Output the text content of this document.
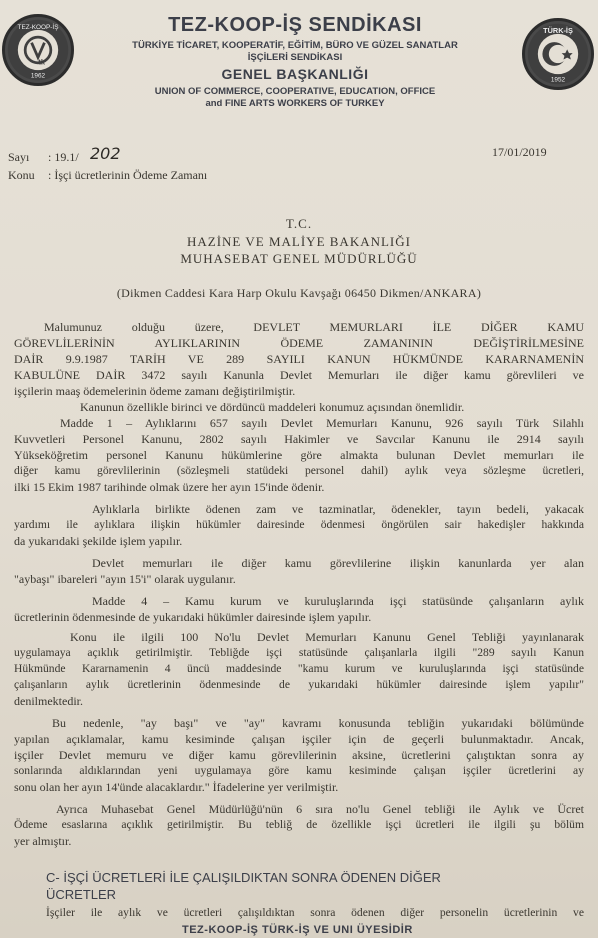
TEZ-KOOP-İŞ
1962
tk
TÜRK-İŞ
1952
TEZ-KOOP-İŞ SENDİKASI
TÜRKİYE TİCARET, KOOPERATİF, EĞİTİM, BÜRO VE GÜZEL SANATLAR
İŞÇİLERİ SENDİKASI
GENEL BAŞKANLIĞI
UNION OF COMMERCE, COOPERATIVE, EDUCATION, OFFICE
and FINE ARTS WORKERS OF TURKEY
Sayı : 19.1/ 202
Konu : İşçi ücretlerinin Ödeme Zamanı
17/01/2019
T.C.
HAZİNE VE MALİYE BAKANLIĞI
MUHASEBAT GENEL MÜDÜRLÜĞÜ
(Dikmen Caddesi Kara Harp Okulu Kavşağı 06450 Dikmen/ANKARA)
Malumunuz olduğu üzere, DEVLET MEMURLARI İLE DİĞER KAMU
GÖREVLİLERİNİN AYLIKLARININ ÖDEME ZAMANININ DEĞİŞTİRİLMESİNE
DAİR 9.9.1987 TARİH VE 289 SAYILI KANUN HÜKMÜNDE KARARNAMENİN
KABULÜNE DAİR 3472 sayılı Kanunla Devlet Memurları ile diğer kamu görevlileri ve
işçilerin maaş ödemelerinin ödeme zamanı değiştirilmiştir.
Kanunun özellikle birinci ve dördüncü maddeleri konumuz açısından önemlidir.
Madde 1 – Aylıklarını 657 sayılı Devlet Memurları Kanunu, 926 sayılı Türk Silahlı
Kuvvetleri Personel Kanunu, 2802 sayılı Hakimler ve Savcılar Kanunu ile 2914 sayılı
Yükseköğretim personel Kanunu hükümlerine göre almakta bulunan Devlet memurları ile
diğer kamu görevlilerinin (sözleşmeli statüdeki personel dahil) aylık veya sözleşme ücretleri,
ilki 15 Ekim 1987 tarihinde olmak üzere her ayın 15'inde ödenir.
Aylıklarla birlikte ödenen zam ve tazminatlar, ödenekler, tayın bedeli, yakacak
yardımı ile aylıklara ilişkin hükümler dairesinde ödenmesi öngörülen sair hakedişler hakkında
da yukarıdaki şekilde işlem yapılır.
Devlet memurları ile diğer kamu görevlilerine ilişkin kanunlarda yer alan
"aybaşı" ibareleri "ayın 15'i" olarak uygulanır.
Madde 4 – Kamu kurum ve kuruluşlarında işçi statüsünde çalışanların aylık
ücretlerinin ödenmesinde de yukarıdaki hükümler dairesinde işlem yapılır.
Konu ile ilgili 100 No'lu Devlet Memurları Kanunu Genel Tebliği yayınlanarak
uygulamaya açıklık getirilmiştir. Tebliğde işçi statüsünde çalışanlarla ilgili "289 sayılı Kanun
Hükmünde Kararnamenin 4 üncü maddesinde "kamu kurum ve kuruluşlarında işçi statüsünde
çalışanların aylık ücretlerinin ödenmesinde de yukarıdaki hükümler dairesinde işlem yapılır"
denilmektedir.
Bu nedenle, "ay başı" ve "ay" kavramı konusunda tebliğin yukarıdaki bölümünde
yapılan açıklamalar, kamu kesiminde çalışan işçiler için de geçerli bulunmaktadır. Ancak,
işçiler Devlet memuru ve diğer kamu görevlilerinin aksine, ücretlerini çalıştıktan sonra ay
sonlarında aldıklarından yeni uygulamaya göre kamu kesiminde çalışan işçiler ücretlerini ay
sonu olan her ayın 14'ünde alacaklardır." İfadelerine yer verilmiştir.
Ayrıca Muhasebat Genel Müdürlüğü'nün 6 sıra no'lu Genel tebliği ile Aylık ve Ücret
Ödeme esaslarına açıklık getirilmiştir. Bu tebliğ de özellikle işçi ücretleri ile ilgili şu bölüm
yer almıştır.
C- İŞÇİ ÜCRETLERİ İLE ÇALIŞILDIKTAN SONRA ÖDENEN DİĞER
ÜCRETLER
İşçiler ile aylık ve ücretleri çalışıldıktan sonra ödenen diğer personelin ücretlerinin ve
TEZ-KOOP-İŞ TÜRK-İŞ VE UNI ÜYESİDİR
